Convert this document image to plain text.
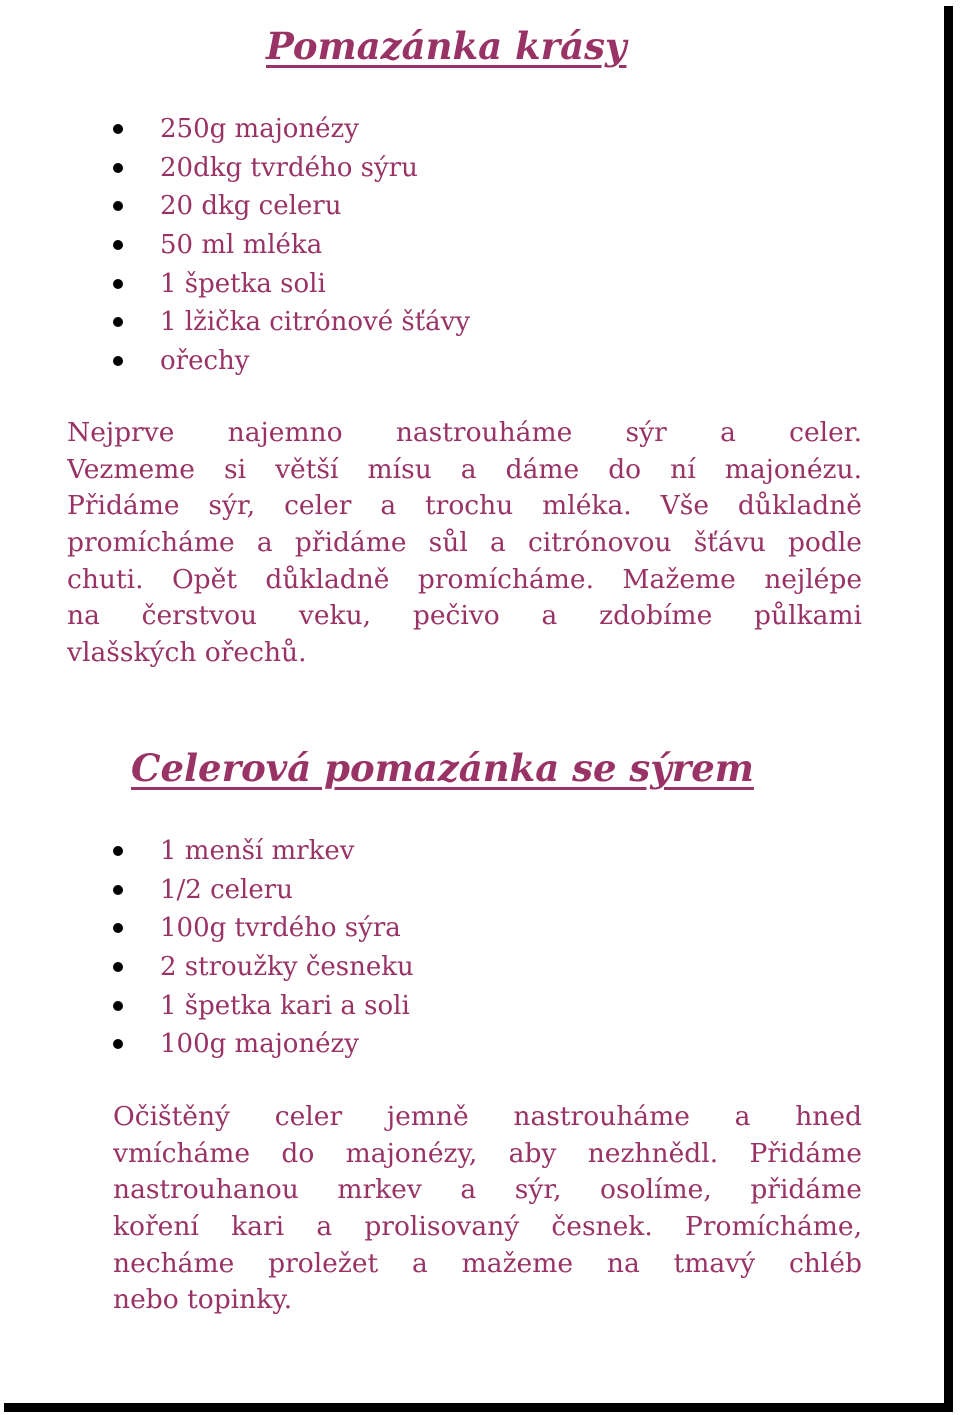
Pomazánka krásy
250g majonézy
20dkg tvrdého sýru
20 dkg celeru
50 ml mléka
1 špetka soli
1 lžička citrónové šťávy
ořechy
Nejprve najemno nastrouháme sýr a celer.
Vezmeme si větší mísu a dáme do ní majonézu.
Přidáme sýr, celer a trochu mléka. Vše důkladně
promícháme a přidáme sůl a citrónovou šťávu podle
chuti. Opět důkladně promícháme. Mažeme nejlépe
na čerstvou veku, pečivo a zdobíme půlkami
vlašských ořechů.
Celerová pomazánka se sýrem
1 menší mrkev
1/2 celeru
100g tvrdého sýra
2 stroužky česneku
1 špetka kari a soli
100g majonézy
Očištěný celer jemně nastrouháme a hned
vmícháme do majonézy, aby nezhnědl. Přidáme
nastrouhanou mrkev a sýr, osolíme, přidáme
koření kari a prolisovaný česnek. Promícháme,
necháme proležet a mažeme na tmavý chléb
nebo topinky.
